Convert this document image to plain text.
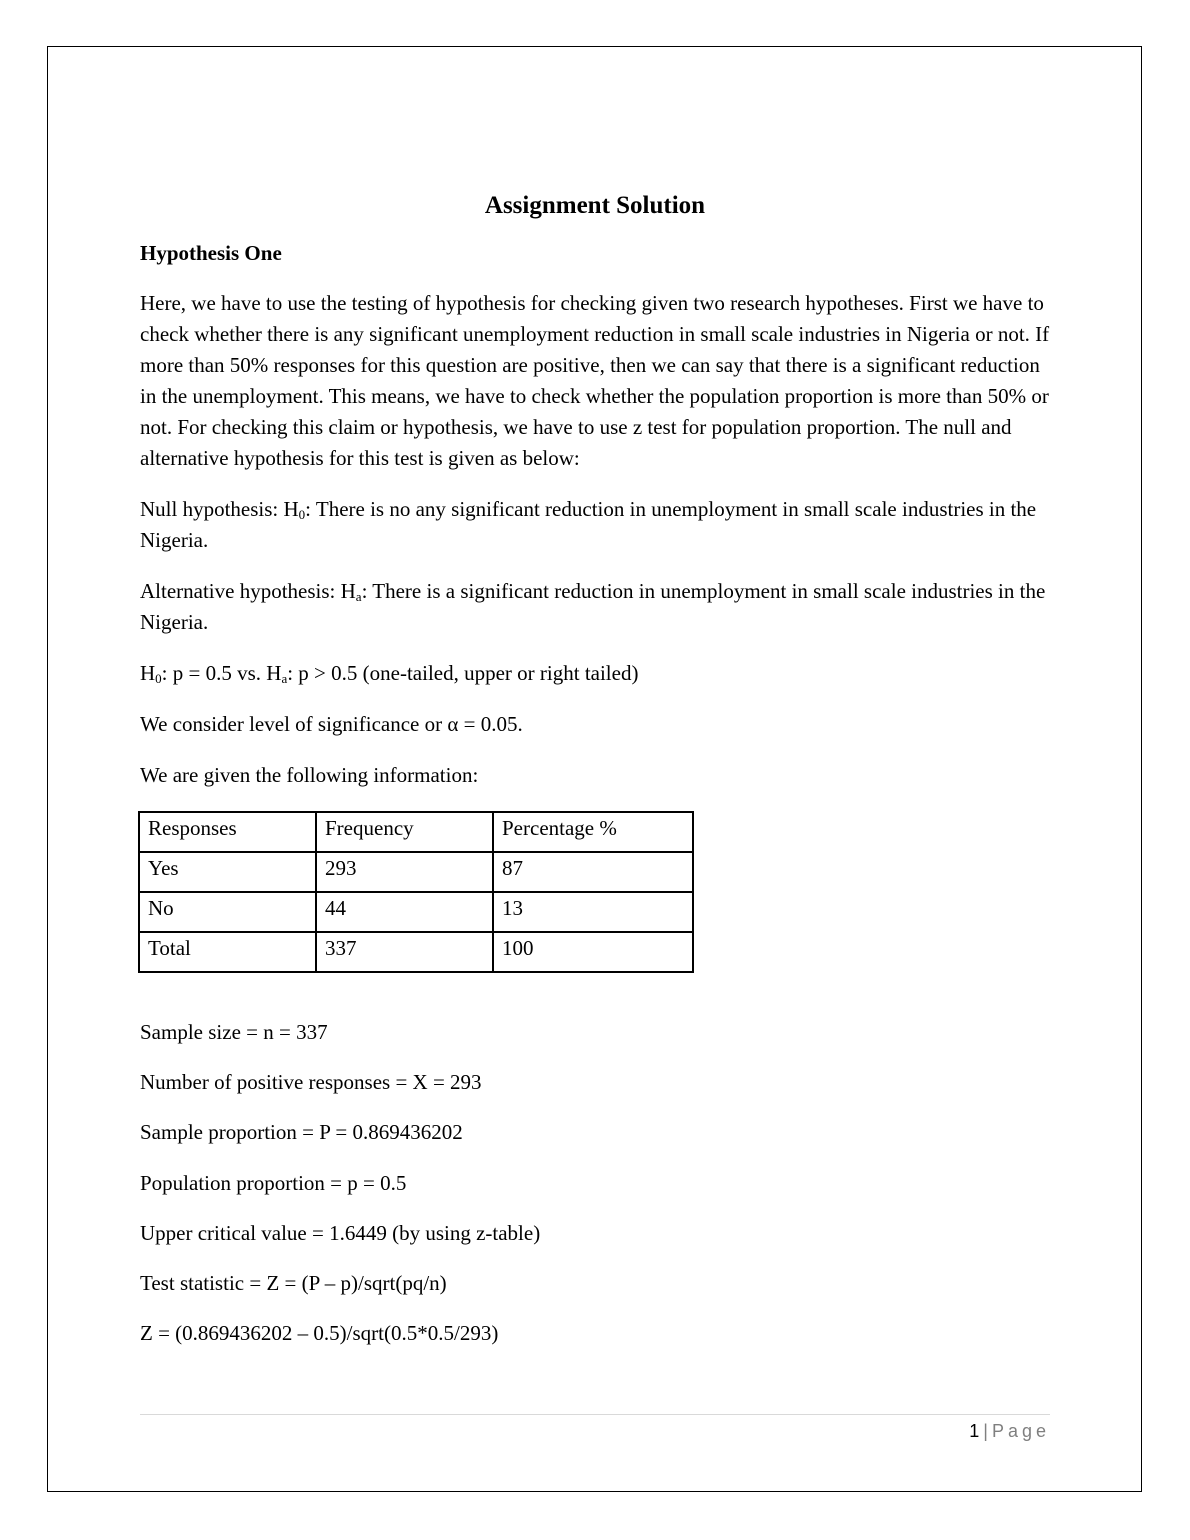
Assignment Solution
Hypothesis One

Here, we have to use the testing of hypothesis for checking given two research hypotheses. First we have to check whether there is any significant unemployment reduction in small scale industries in Nigeria or not. If more than 50% responses for this question are positive, then we can say that there is a significant reduction in the unemployment. This means, we have to check whether the population proportion is more than 50% or not. For checking this claim or hypothesis, we have to use z test for population proportion. The null and alternative hypothesis for this test is given as below:

Null hypothesis: $H_0$: There is no any significant reduction in unemployment in small scale industries in the Nigeria.

Alternative hypothesis: $H_a$: There is a significant reduction in unemployment in small scale industries in the Nigeria.

$H_0$: p = 0.5 vs. $H_a$: p > 0.5 (one-tailed, upper or right tailed)

We consider level of significance or α = 0.05.

We are given the following information:

Responses	Frequency	Percentage %
Yes	293	87
No	44	13
Total	337	100

Sample size = n = 337

Number of positive responses = X = 293

Sample proportion = P = 0.869436202

Population proportion = p = 0.5

Upper critical value = 1.6449 (by using z-table)

Test statistic = Z = (P – p)/sqrt(pq/n)

Z = (0.869436202 – 0.5)/sqrt(0.5*0.5/293)

1 | Page
